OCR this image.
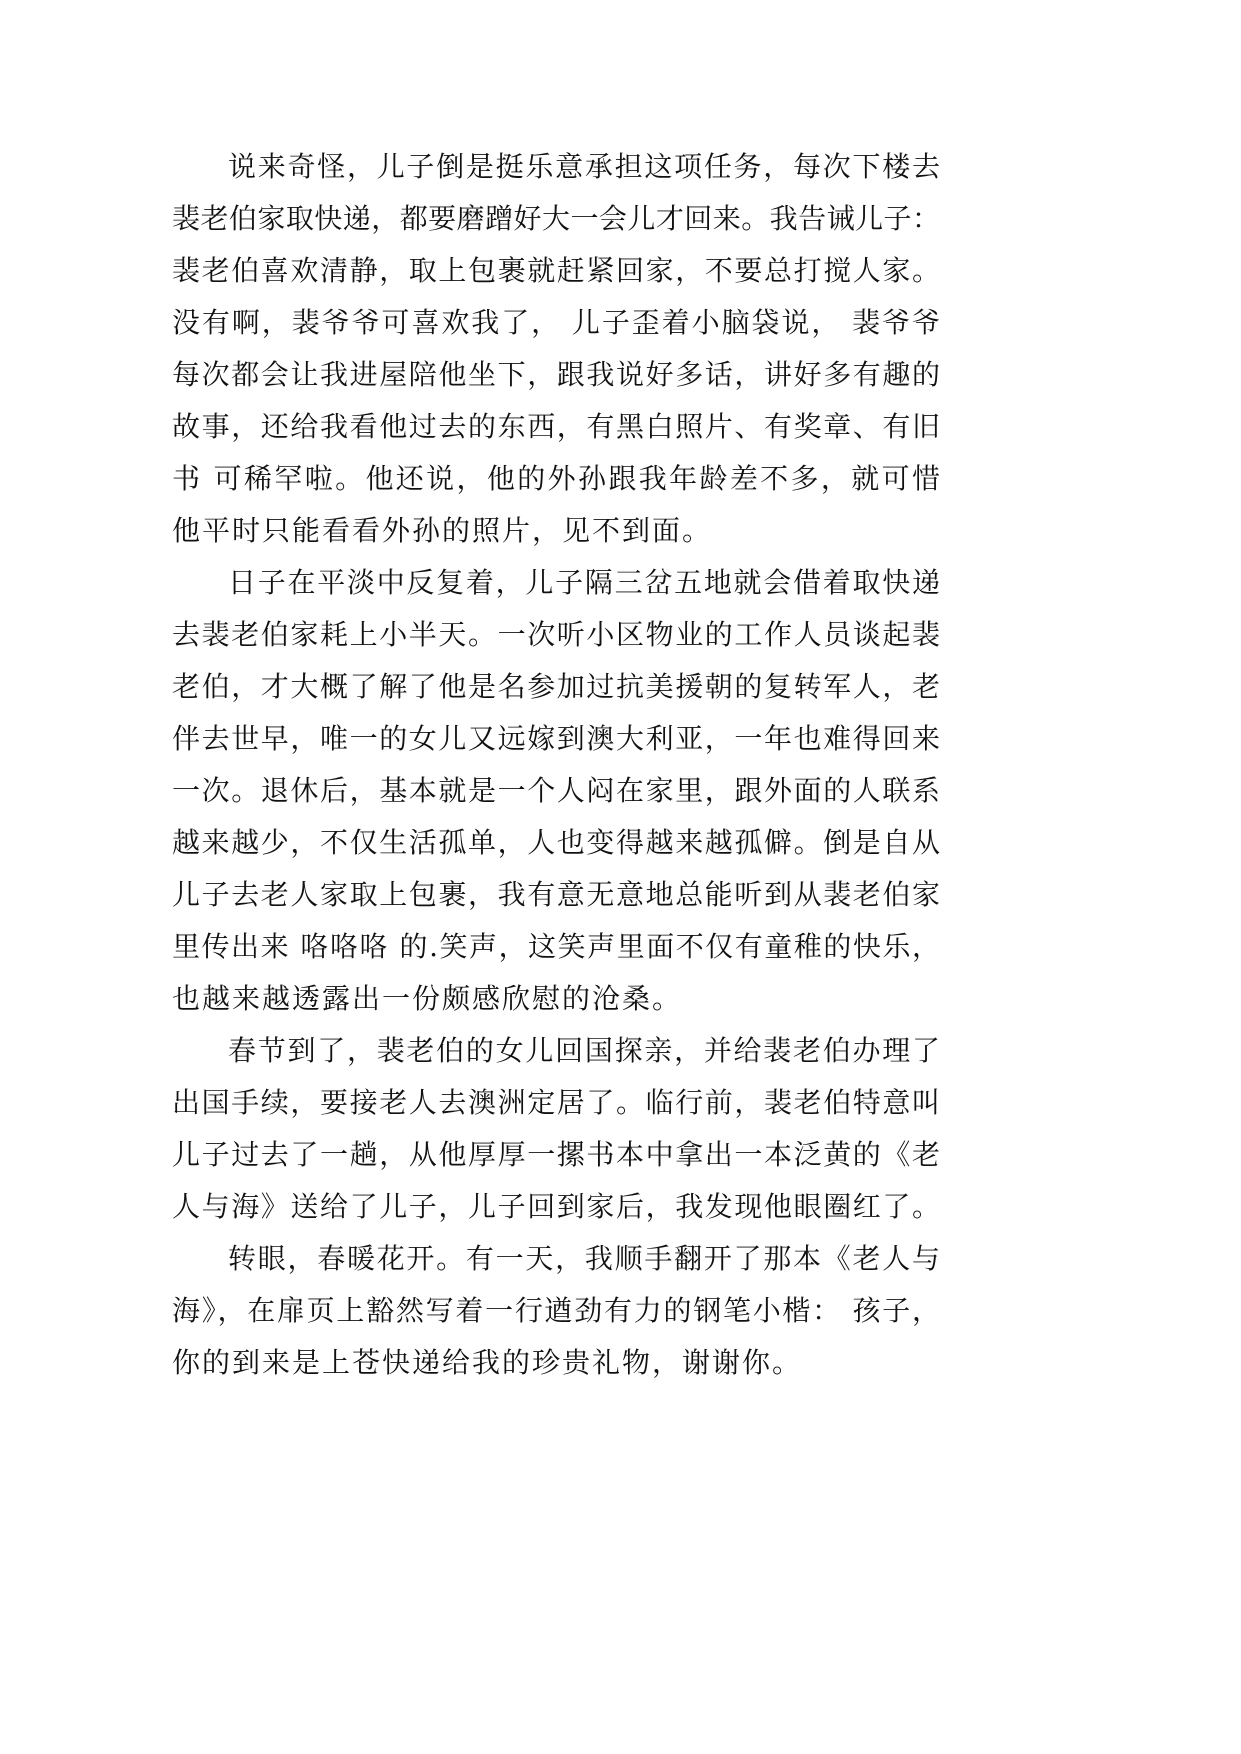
说来奇怪，儿子倒是挺乐意承担这项任务，每次下楼去
裴老伯家取快递，都要磨蹭好大一会儿才回来。我告诫儿子：
裴老伯喜欢清静，取上包裹就赶紧回家，不要总打搅人家。
没有啊，裴爷爷可喜欢我了， 儿子歪着小脑袋说， 裴爷爷
每次都会让我进屋陪他坐下，跟我说好多话，讲好多有趣的
故事，还给我看他过去的东西，有黑白照片、有奖章、有旧
书 可稀罕啦。他还说，他的外孙跟我年龄差不多，就可惜
他平时只能看看外孙的照片，见不到面。
日子在平淡中反复着，儿子隔三岔五地就会借着取快递
去裴老伯家耗上小半天。一次听小区物业的工作人员谈起裴
老伯，才大概了解了他是名参加过抗美援朝的复转军人，老
伴去世早，唯一的女儿又远嫁到澳大利亚，一年也难得回来
一次。退休后，基本就是一个人闷在家里，跟外面的人联系
越来越少，不仅生活孤单，人也变得越来越孤僻。倒是自从
儿子去老人家取上包裹，我有意无意地总能听到从裴老伯家
里传出来 咯咯咯 的.笑声，这笑声里面不仅有童稚的快乐，
也越来越透露出一份颇感欣慰的沧桑。
春节到了，裴老伯的女儿回国探亲，并给裴老伯办理了
出国手续，要接老人去澳洲定居了。临行前，裴老伯特意叫
儿子过去了一趟，从他厚厚一摞书本中拿出一本泛黄的《老
人与海》送给了儿子，儿子回到家后，我发现他眼圈红了。
转眼，春暖花开。有一天，我顺手翻开了那本《老人与
海》，在扉页上豁然写着一行遒劲有力的钢笔小楷： 孩子，
你的到来是上苍快递给我的珍贵礼物，谢谢你。
